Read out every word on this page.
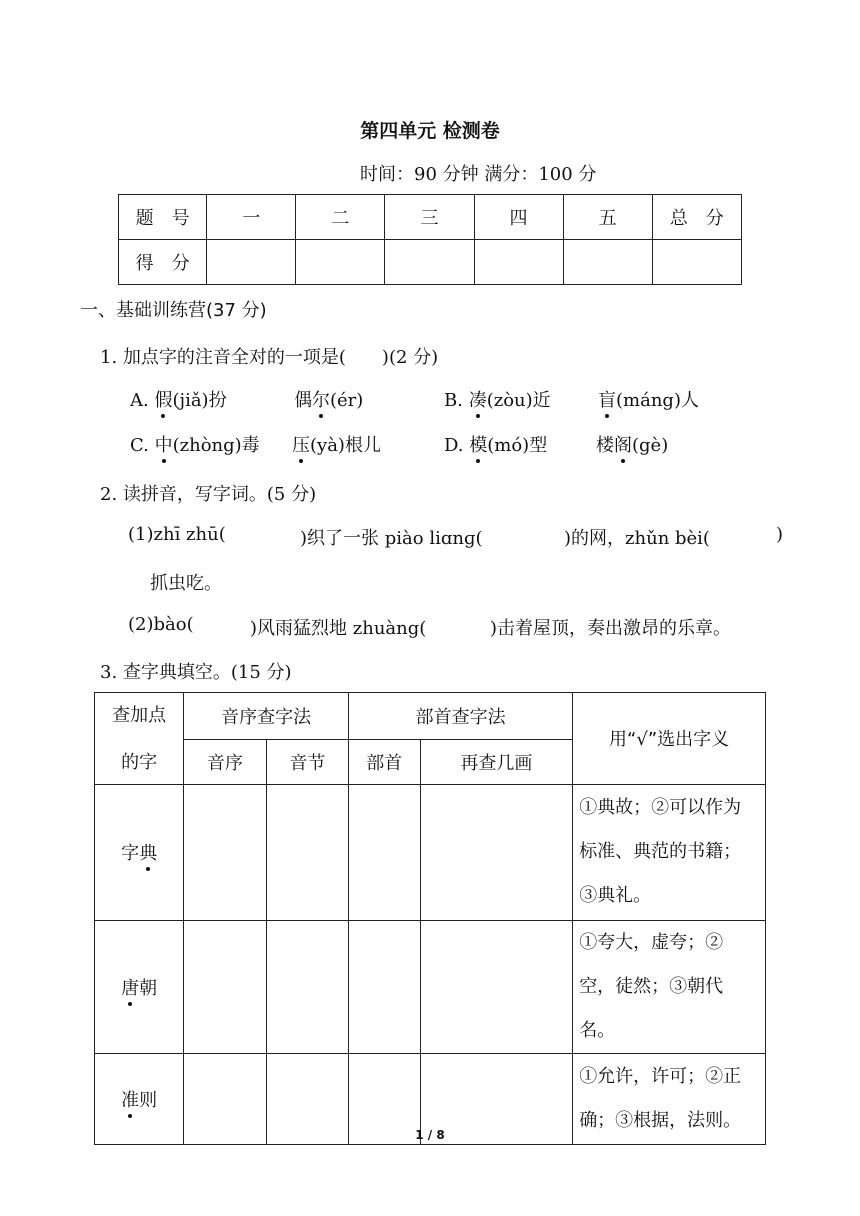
第四单元 检测卷
时间：90 分钟 满分：100 分
题　号	一	二	三	四	五	总　分
得　分						
一、基础训练营(37 分)
1. 加点字的注音全对的一项是(　　)(2 分)
A. 假(jiǎ)扮	偶尔(ér)	B. 凑(zòu)近	盲(máng)人
C. 中(zhòng)毒 压(yà)根儿	D. 模(mó)型	楼阁(gè)
2. 读拼音，写字词。(5 分)
(1)zhī zhū(	)织了一张 piào liɑnɡ(	)的网，zhǔn bèi(	)
抓虫吃。
(2)bào(	)风雨猛烈地 zhuàng(	)击着屋顶，奏出激昂的乐章。
3. 查字典填空。(15 分)
查加点	音序查字法		部首查字法		用“√”选出字义
的字	音序	音节	部首	再查几画	
字典					①典故；②可以作为标准、典范的书籍；③典礼。
唐朝					①夸大，虚夸；②空，徒然；③朝代名。
准则					①允许，许可；②正确；③根据，法则。
1 / 8
